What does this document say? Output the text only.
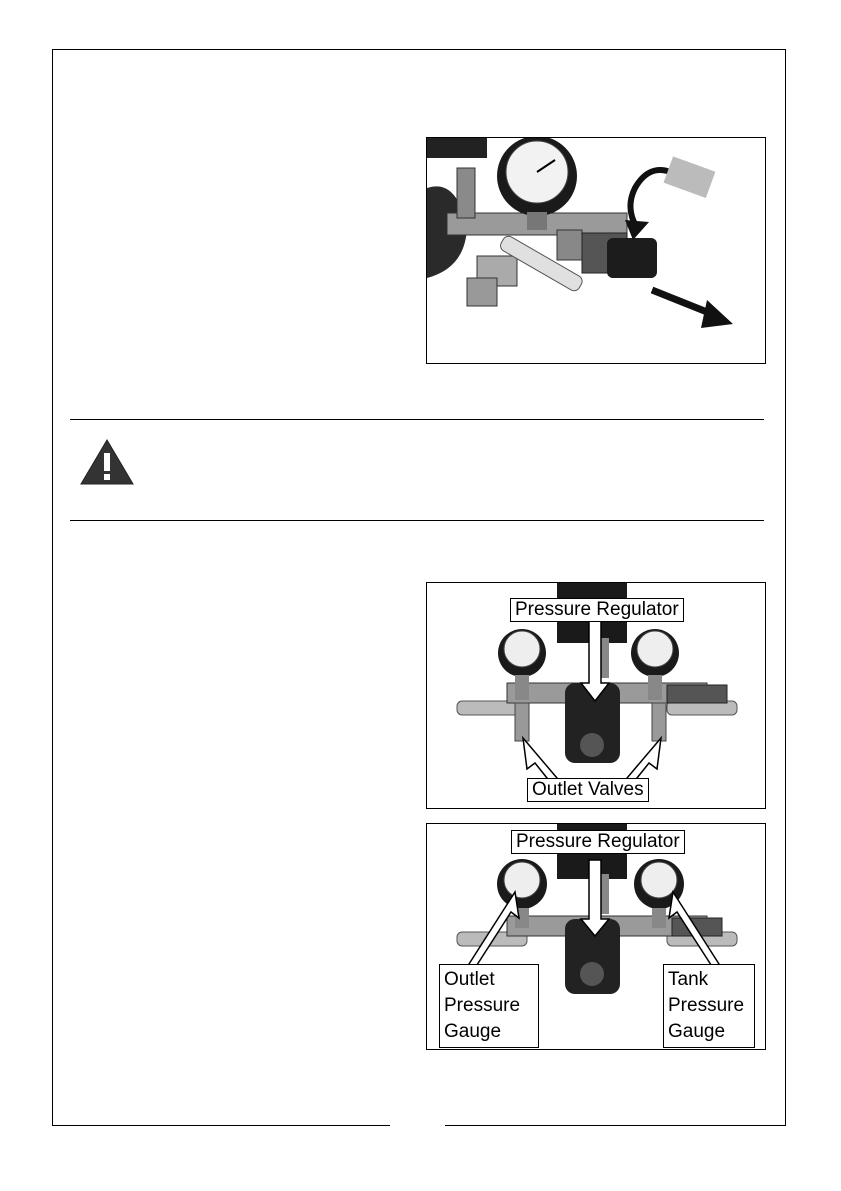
Pressure Regulator
Outlet Valves
Pressure Regulator
Outlet Pressure Gauge
Tank Pressure Gauge
